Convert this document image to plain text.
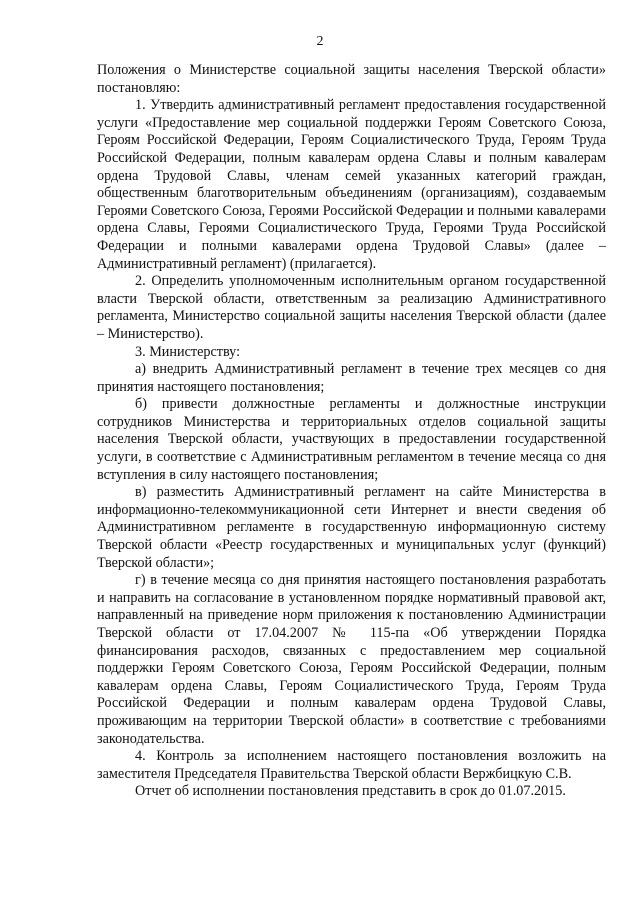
2

Положения о Министерстве социальной защиты населения Тверской области» постановляю:

1. Утвердить административный регламент предоставления государственной услуги «Предоставление мер социальной поддержки Героям Советского Союза, Героям Российской Федерации, Героям Социалистического Труда, Героям Труда Российской Федерации, полным кавалерам ордена Славы и полным кавалерам ордена Трудовой Славы, членам семей указанных категорий граждан, общественным благотворительным объединениям (организациям), создаваемым Героями Советского Союза, Героями Российской Федерации и полными кавалерами ордена Славы, Героями Социалистического Труда, Героями Труда Российской Федерации и полными кавалерами ордена Трудовой Славы» (далее – Административный регламент) (прилагается).

2. Определить уполномоченным исполнительным органом государственной власти Тверской области, ответственным за реализацию Административного регламента, Министерство социальной защиты населения Тверской области (далее – Министерство).

3. Министерству:

а) внедрить Административный регламент в течение трех месяцев со дня принятия настоящего постановления;

б) привести должностные регламенты и должностные инструкции сотрудников Министерства и территориальных отделов социальной защиты населения Тверской области, участвующих в предоставлении государственной услуги, в соответствие с Административным регламентом в течение месяца со дня вступления в силу настоящего постановления;

в) разместить Административный регламент на сайте Министерства в информационно-телекоммуникационной сети Интернет и внести сведения об Административном регламенте в государственную информационную систему Тверской области «Реестр государственных и муниципальных услуг (функций) Тверской области»;

г) в течение месяца со дня принятия настоящего постановления разработать и направить на согласование в установленном порядке нормативный правовой акт, направленный на приведение норм приложения к постановлению Администрации Тверской области от 17.04.2007 № 115-па «Об утверждении Порядка финансирования расходов, связанных с предоставлением мер социальной поддержки Героям Советского Союза, Героям Российской Федерации, полным кавалерам ордена Славы, Героям Социалистического Труда, Героям Труда Российской Федерации и полным кавалерам ордена Трудовой Славы, проживающим на территории Тверской области» в соответствие с требованиями законодательства.

4. Контроль за исполнением настоящего постановления возложить на заместителя Председателя Правительства Тверской области Вержбицкую С.В.

Отчет об исполнении постановления представить в срок до 01.07.2015.
